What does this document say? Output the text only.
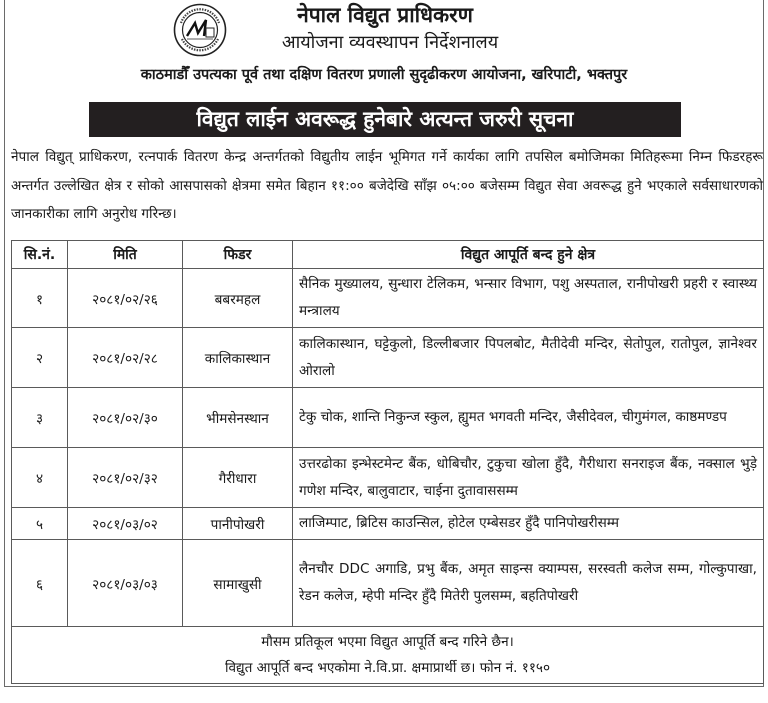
नेपाल विद्युत प्राधिकरण
आयोजना व्यवस्थापन निर्देशनालय
काठमाडौँ उपत्यका पूर्व तथा दक्षिण वितरण प्रणाली सुदृढीकरण आयोजना, खरिपाटी, भक्तपुर
विद्युत लाईन अवरूद्ध हुनेबारे अत्यन्त जरुरी सूचना
नेपाल विद्युत् प्राधिकरण, रत्नपार्क वितरण केन्द्र अन्तर्गतको विद्युतीय लाईन भूमिगत गर्ने कार्यका लागि तपसिल बमोजिमका मितिहरूमा निम्न फिडरहरू अन्तर्गत उल्लेखित क्षेत्र र सोको आसपासको क्षेत्रमा समेत बिहान ११:०० बजेदेखि साँझ ०५:०० बजेसम्म विद्युत सेवा अवरूद्ध हुने भएकाले सर्वसाधारणको जानकारीका लागि अनुरोध गरिन्छ।
सि.नं.	मिति	फिडर	विद्युत आपूर्ति बन्द हुने क्षेत्र
१	२०८१/०२/२६	बबरमहल	सैनिक मुख्यालय, सुन्धारा टेलिकम, भन्सार विभाग, पशु अस्पताल, रानीपोखरी प्रहरी र स्वास्थ्य मन्त्रालय
२	२०८१/०२/२८	कालिकास्थान	कालिकास्थान, घट्टेकुलो, डिल्लीबजार पिपलबोट, मैतीदेवी मन्दिर, सेतोपुल, रातोपुल, ज्ञानेश्वर ओरालो
३	२०८१/०२/३०	भीमसेनस्थान	टेकु चोक, शान्ति निकुन्ज स्कुल, ह्युमत भगवती मन्दिर, जैसीदेवल, चीगुमंगल, काष्ठमण्डप
४	२०८१/०२/३२	गैरीधारा	उत्तरढोका इन्भेस्टमेन्ट बैंक, धोबिचौर, टुकुचा खोला हुँदै, गैरीधारा सनराइज बैंक, नक्साल भुड़े गणेश मन्दिर, बालुवाटार, चाईना दुतावाससम्म
५	२०८१/०३/०२	पानीपोखरी	लाजिम्पाट, ब्रिटिस काउन्सिल, होटेल एम्बेसडर हुँदै पानिपोखरीसम्म
६	२०८१/०३/०३	सामाखुसी	लैनचौर DDC अगाडि, प्रभु बैंक, अमृत साइन्स क्याम्पस, सरस्वती कलेज सम्म, गोल्कुपाखा, रेडन कलेज, म्हेपी मन्दिर हुँदै मितेरी पुलसम्म, बहतिपोखरी

मौसम प्रतिकूल भएमा विद्युत आपूर्ति बन्द गरिने छैन।
विद्युत आपूर्ति बन्द भएकोमा ने.वि.प्रा. क्षमाप्रार्थी छ। फोन नं. ११५०			
